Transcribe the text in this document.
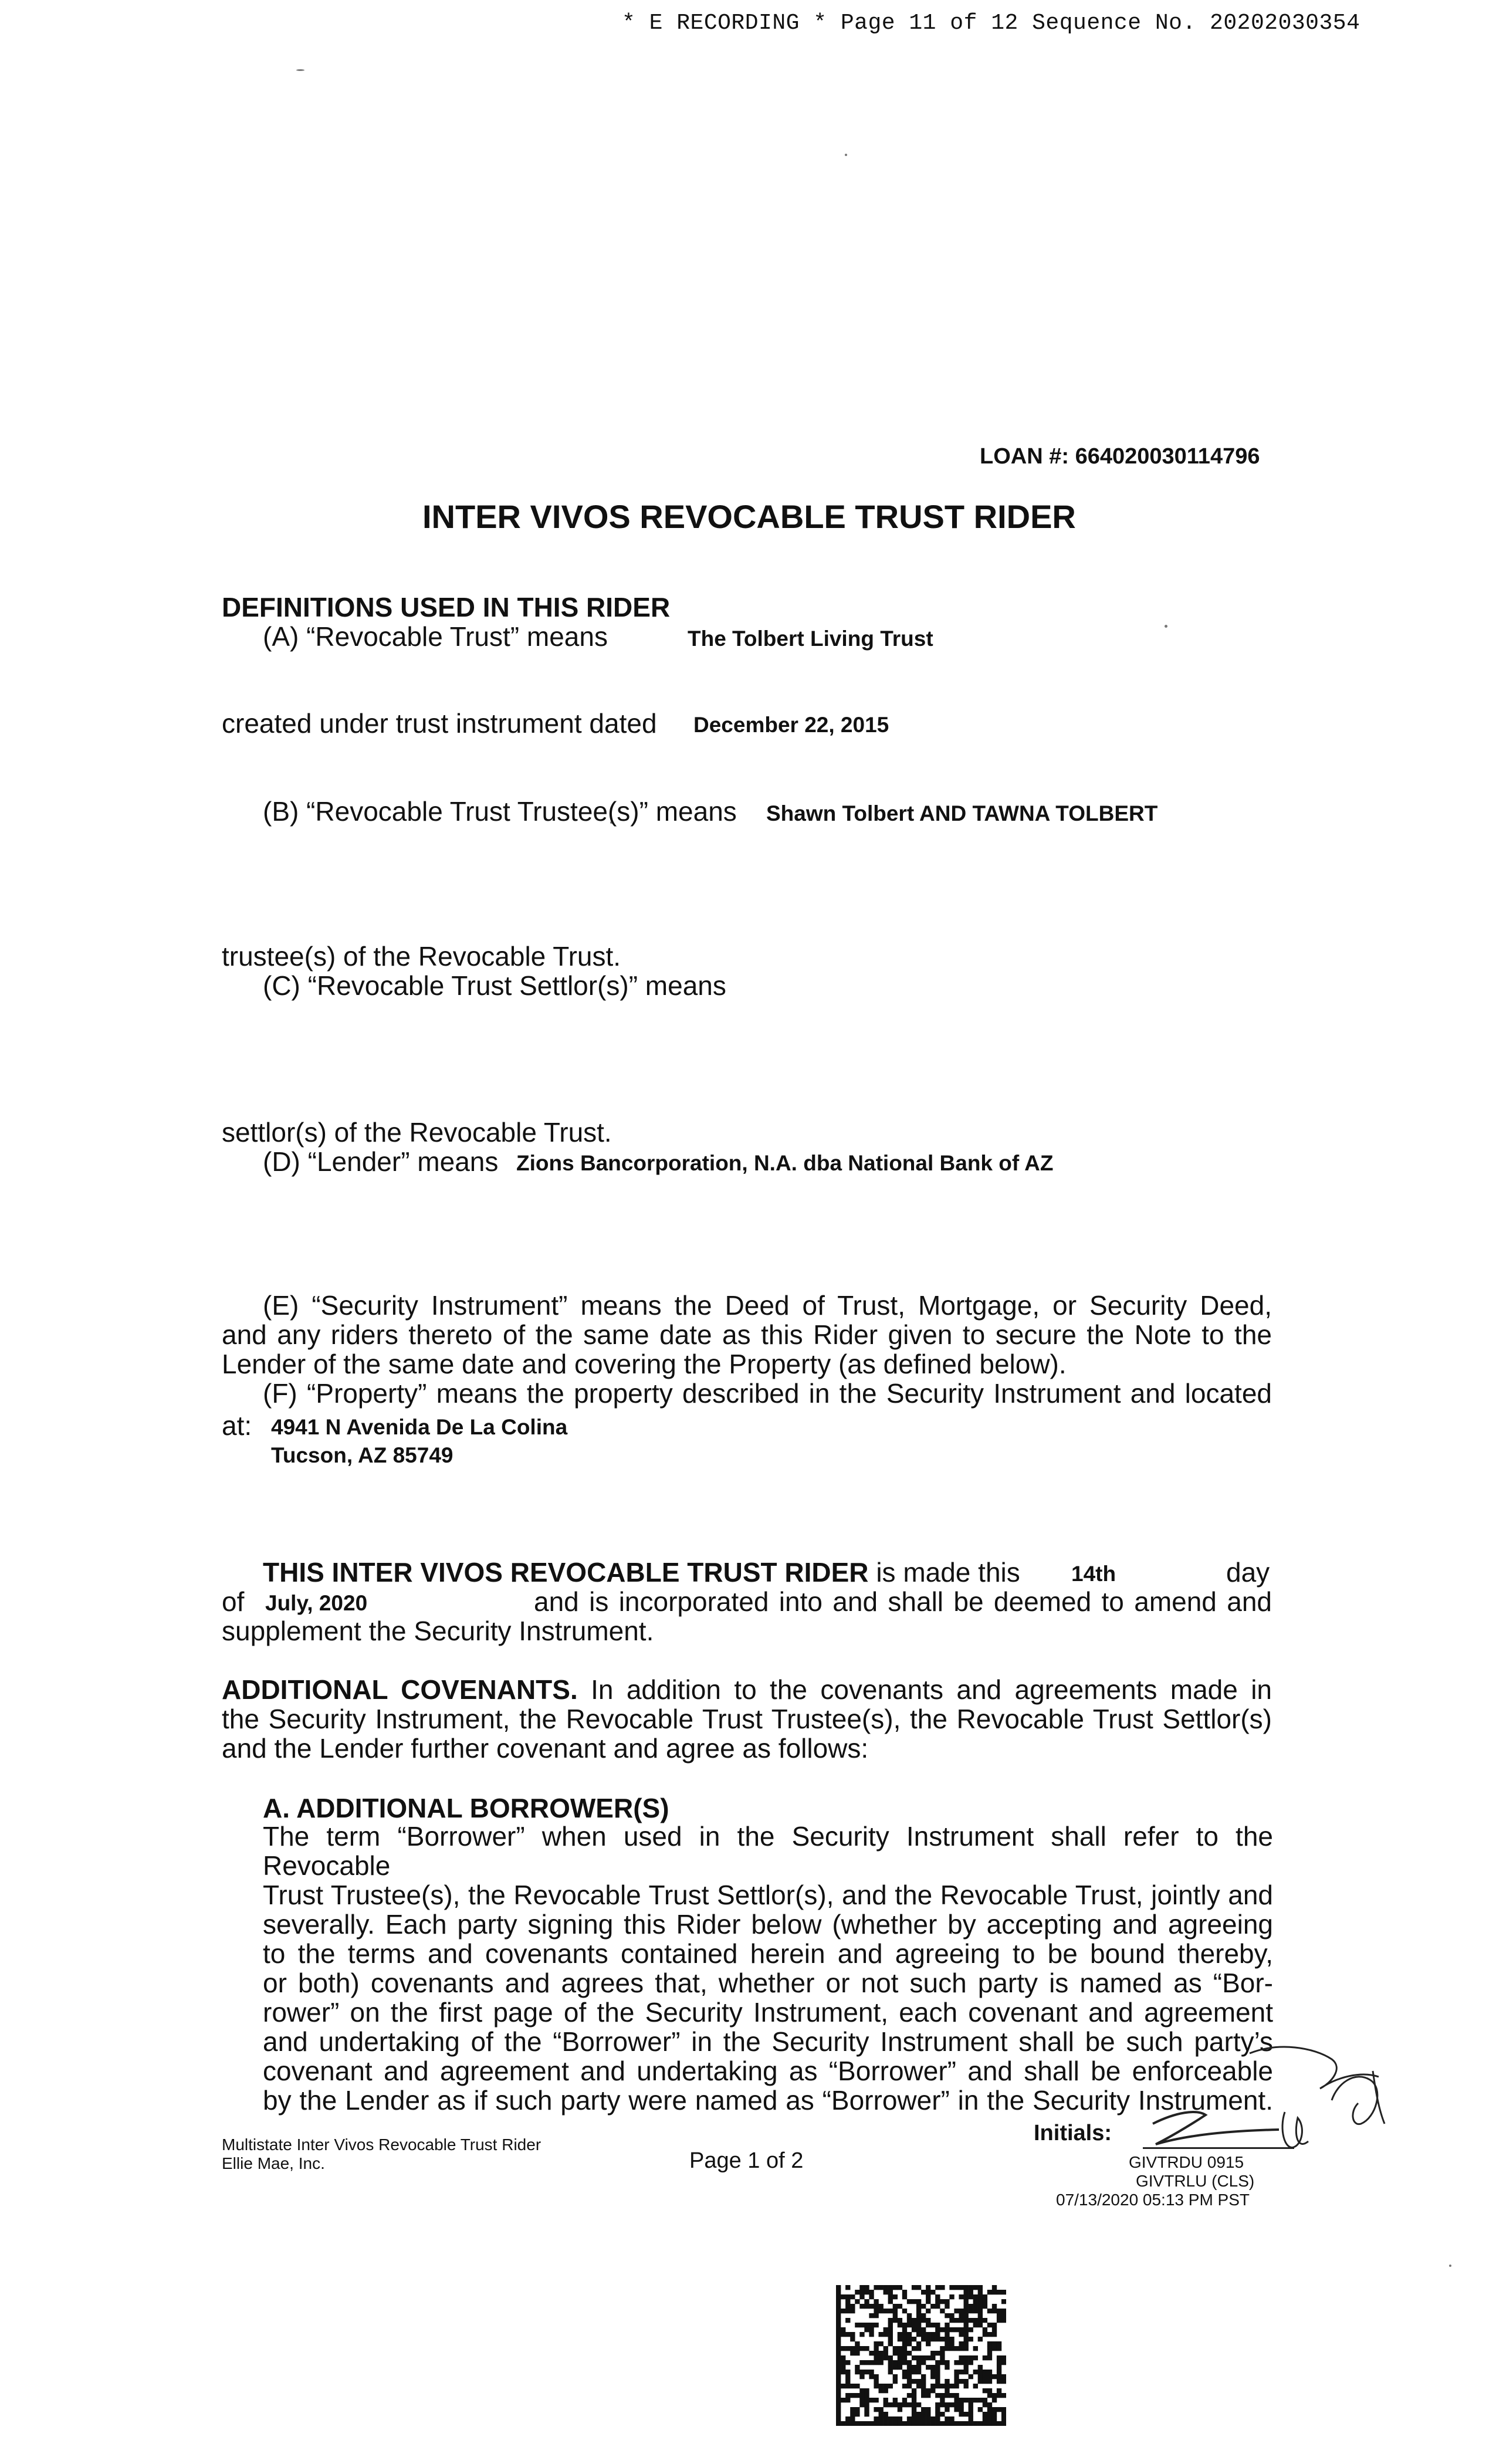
* E RECORDING * Page 11 of 12 Sequence No. 20202030354
LOAN #: 664020030114796
INTER VIVOS REVOCABLE TRUST RIDER
DEFINITIONS USED IN THIS RIDER
(A) “Revocable Trust” means	The Tolbert Living Trust
created under trust instrument dated December 22, 2015
(B) “Revocable Trust Trustee(s)” means Shawn Tolbert AND TAWNA TOLBERT
trustee(s) of the Revocable Trust.
(C) “Revocable Trust Settlor(s)” means
settlor(s) of the Revocable Trust.
(D) “Lender” means Zions Bancorporation, N.A. dba National Bank of AZ
(E) “Security Instrument” means the Deed of Trust, Mortgage, or Security Deed,
and any riders thereto of the same date as this Rider given to secure the Note to the
Lender of the same date and covering the Property (as defined below).
(F) “Property” means the property described in the Security Instrument and located
at: 4941 N Avenida De La Colina
Tucson, AZ 85749
THIS INTER VIVOS REVOCABLE TRUST RIDER is made this 14th	day
of July, 2020	and is incorporated into and shall be deemed to amend and
supplement the Security Instrument.
ADDITIONAL COVENANTS. In addition to the covenants and agreements made in
the Security Instrument, the Revocable Trust Trustee(s), the Revocable Trust Settlor(s)
and the Lender further covenant and agree as follows:
A. ADDITIONAL BORROWER(S)
The term “Borrower” when used in the Security Instrument shall refer to the Revocable
Trust Trustee(s), the Revocable Trust Settlor(s), and the Revocable Trust, jointly and
severally. Each party signing this Rider below (whether by accepting and agreeing
to the terms and covenants contained herein and agreeing to be bound thereby,
or both) covenants and agrees that, whether or not such party is named as “Bor-
rower” on the first page of the Security Instrument, each covenant and agreement
and undertaking of the “Borrower” in the Security Instrument shall be such party’s
covenant and agreement and undertaking as “Borrower” and shall be enforceable
by the Lender as if such party were named as “Borrower” in the Security Instrument.
Multistate Inter Vivos Revocable Trust Rider
Ellie Mae, Inc.	Page 1 of 2
Initials:
GIVTRDU 0915
GIVTRLU (CLS)
07/13/2020 05:13 PM PST
